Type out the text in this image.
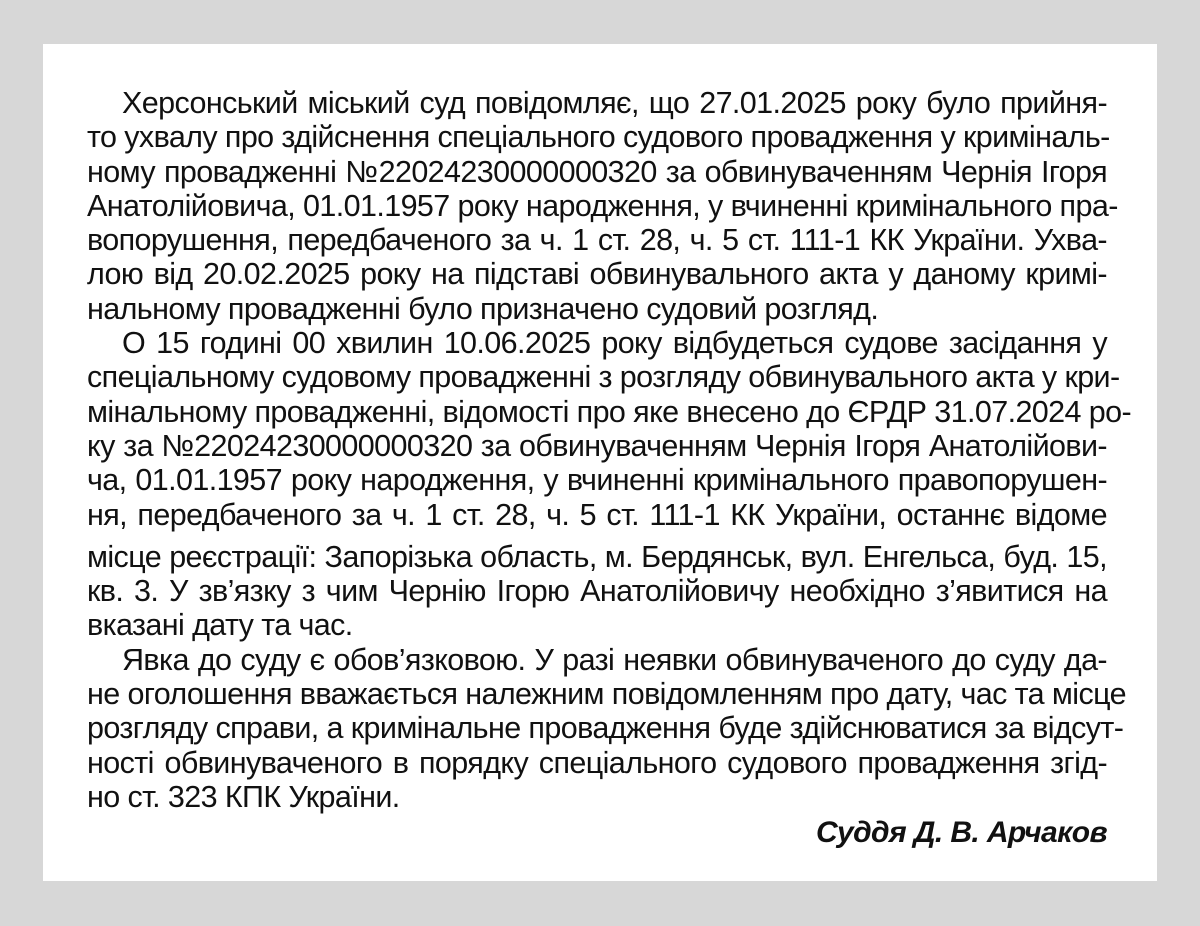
Херсонський міський суд повідомляє, що 27.01.2025 року було прийня-
то ухвалу про здійснення спеціального судового провадження у криміналь-
ному провадженні №22024230000000320 за обвинуваченням Чернія Ігоря
Анатолійовича, 01.01.1957 року народження, у вчиненні кримінального пра-
вопорушення, передбаченого за ч. 1 ст. 28, ч. 5 ст. 111-1 КК України. Ухва-
лою від 20.02.2025 року на підставі обвинувального акта у даному кримі-
нальному провадженні було призначено судовий розгляд.
О 15 годині 00 хвилин 10.06.2025 року відбудеться судове засідання у
спеціальному судовому провадженні з розгляду обвинувального акта у кри-
мінальному провадженні, відомості про яке внесено до ЄРДР 31.07.2024 ро-
ку за №22024230000000320 за обвинуваченням Чернія Ігоря Анатолійови-
ча, 01.01.1957 року народження, у вчиненні кримінального правопорушен-
ня, передбаченого за ч. 1 ст. 28, ч. 5 ст. 111-1 КК України, останнє відоме
місце реєстрації: Запорізька область, м. Бердянськ, вул. Енгельса, буд. 15,
кв. 3. У зв’язку з чим Чернію Ігорю Анатолійовичу необхідно з’явитися на
вказані дату та час.
Явка до суду є обов’язковою. У разі неявки обвинуваченого до суду да-
не оголошення вважається належним повідомленням про дату, час та місце
розгляду справи, а кримінальне провадження буде здійснюватися за відсут-
ності обвинуваченого в порядку спеціального судового провадження згід-
но ст. 323 КПК України.
Суддя Д. В. Арчаков
